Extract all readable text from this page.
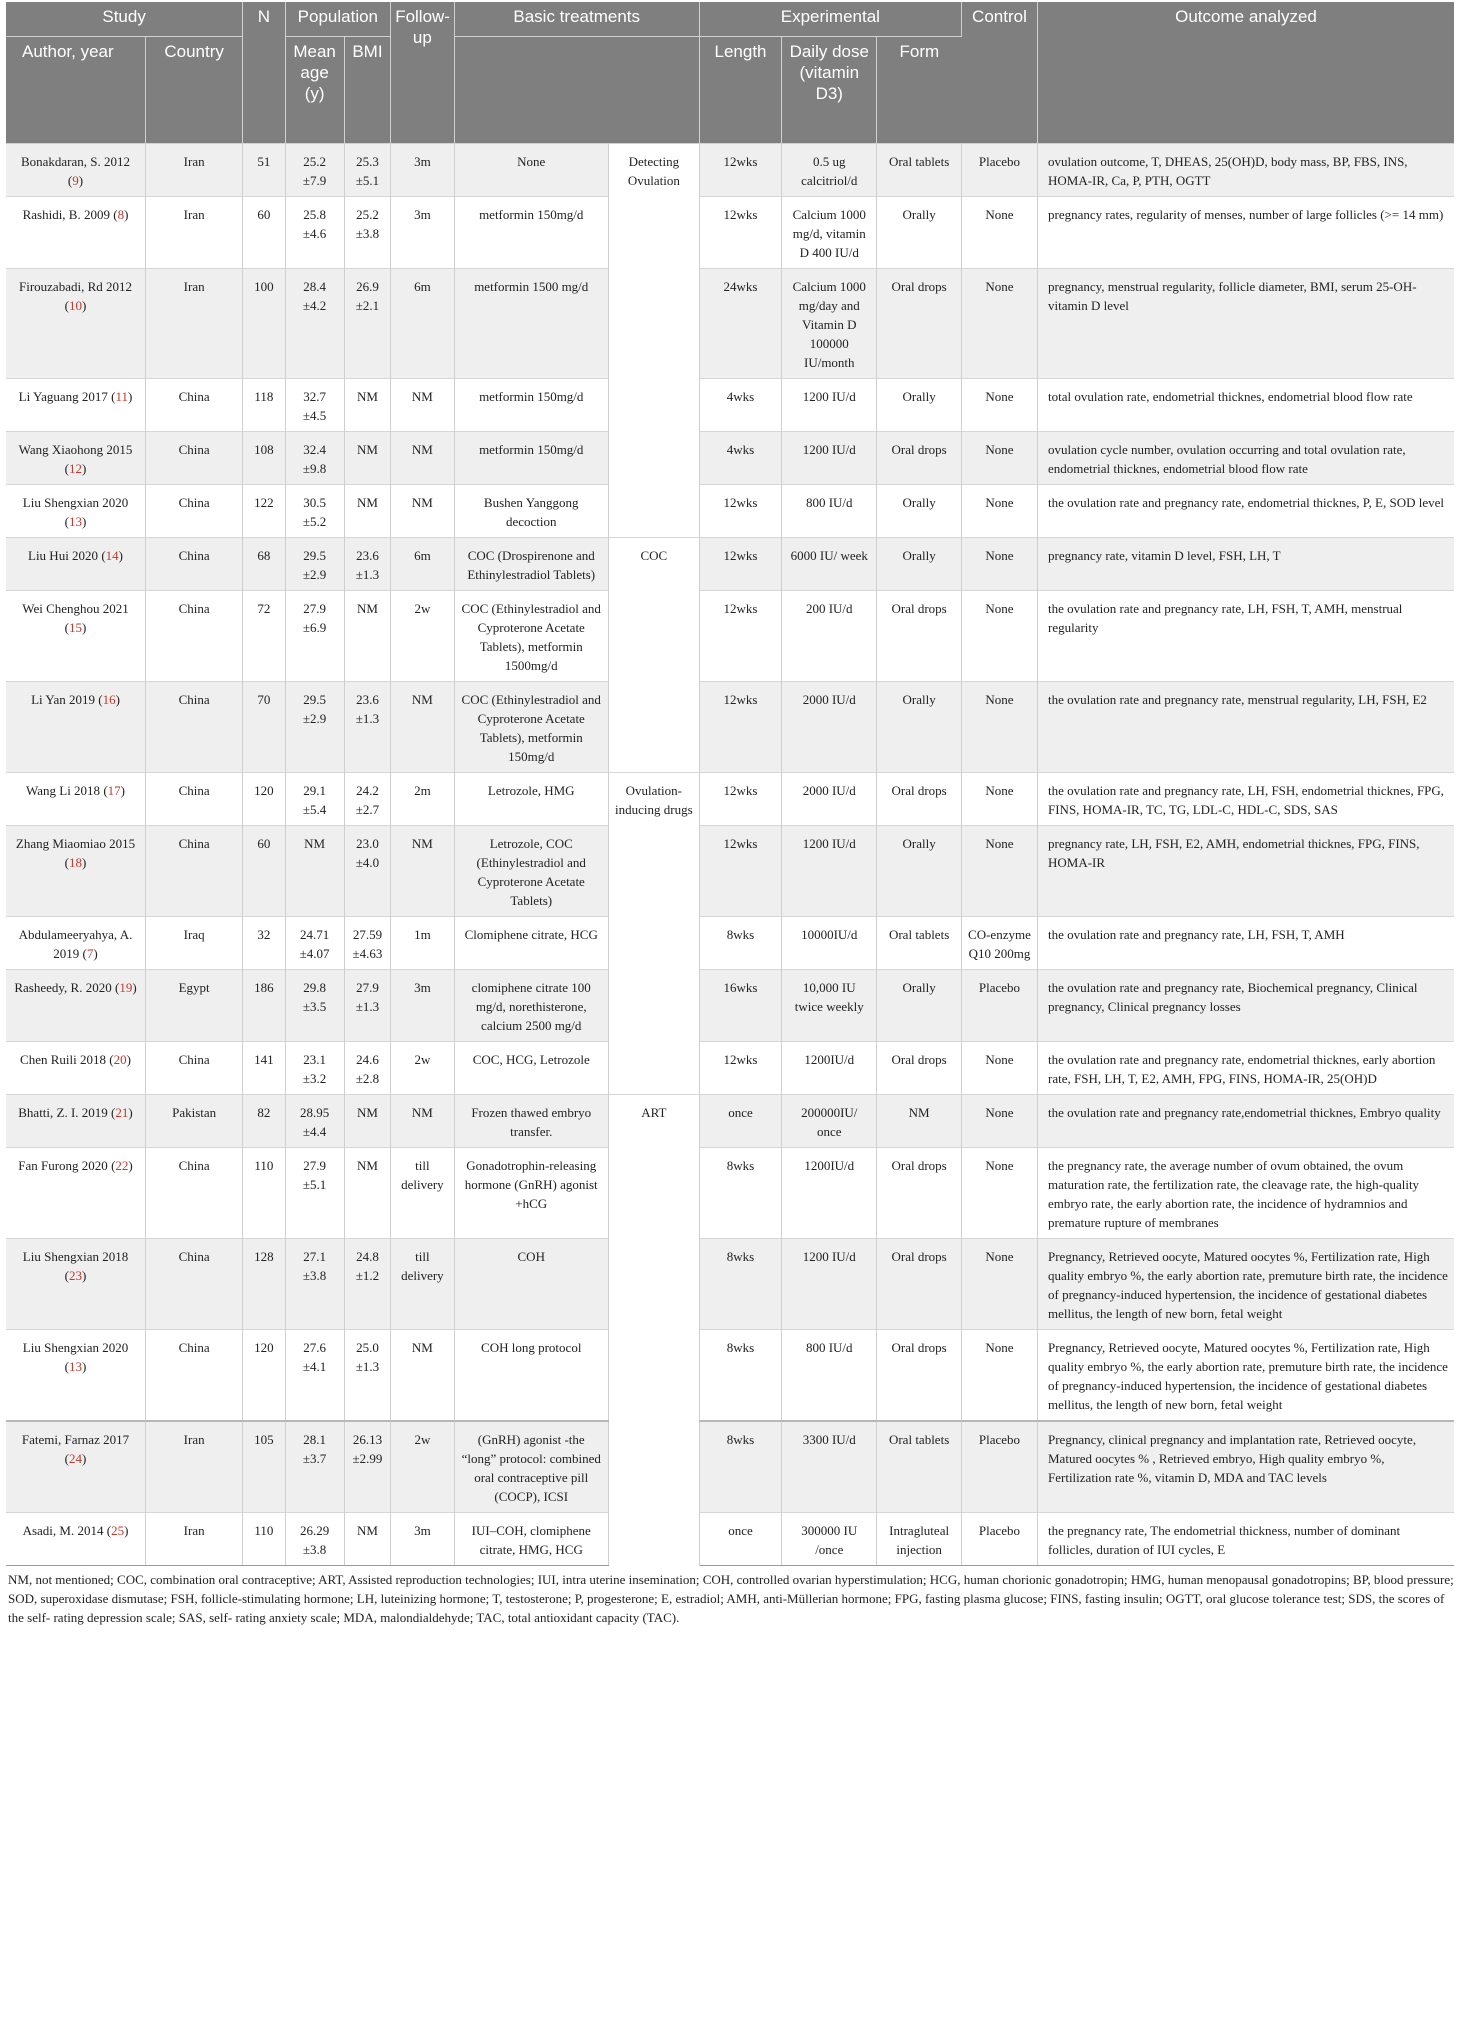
Study		N	Population		Follow-up	Basic treatments		Experimental			Control	Outcome analyzed
Author, year	Country		Mean age (y)	BMI				Length	Daily dose (vitamin D3)	Form		
Bonakdaran, S. 2012 (9)	Iran	51	25.2 ±7.9	25.3 ±5.1	3m	None	Detecting Ovulation	12wks	0.5 ug calcitriol/d	Oral tablets	Placebo	ovulation outcome, T, DHEAS, 25(OH)D, body mass, BP, FBS, INS, HOMA-IR, Ca, P, PTH, OGTT
Rashidi, B. 2009 (8)	Iran	60	25.8 ±4.6	25.2 ±3.8	3m	metformin 150mg/d		12wks	Calcium 1000 mg/d, vitamin D 400 IU/d	Orally	None	pregnancy rates, regularity of menses, number of large follicles (>= 14 mm)
Firouzabadi, Rd 2012 (10)	Iran	100	28.4 ±4.2	26.9 ±2.1	6m	metformin 1500 mg/d		24wks	Calcium 1000 mg/day and Vitamin D 100000 IU/month	Oral drops	None	pregnancy, menstrual regularity, follicle diameter, BMI, serum 25-OH-vitamin D level
Li Yaguang 2017 (11)	China	118	32.7 ±4.5	NM	NM	metformin 150mg/d		4wks	1200 IU/d	Orally	None	total ovulation rate, endometrial thicknes, endometrial blood flow rate
Wang Xiaohong 2015 (12)	China	108	32.4 ±9.8	NM	NM	metformin 150mg/d		4wks	1200 IU/d	Oral drops	None	ovulation cycle number, ovulation occurring and total ovulation rate, endometrial thicknes, endometrial blood flow rate
Liu Shengxian 2020 (13)	China	122	30.5 ±5.2	NM	NM	Bushen Yanggong decoction		12wks	800 IU/d	Orally	None	the ovulation rate and pregnancy rate, endometrial thicknes, P, E, SOD level
Liu Hui 2020 (14)	China	68	29.5 ±2.9	23.6 ±1.3	6m	COC (Drospirenone and Ethinylestradiol Tablets)	COC	12wks	6000 IU/ week	Orally	None	pregnancy rate, vitamin D level, FSH, LH, T
Wei Chenghou 2021 (15)	China	72	27.9 ±6.9	NM	2w	COC (Ethinylestradiol and Cyproterone Acetate Tablets), metformin 1500mg/d		12wks	200 IU/d	Oral drops	None	the ovulation rate and pregnancy rate, LH, FSH, T, AMH, menstrual regularity
Li Yan 2019 (16)	China	70	29.5 ±2.9	23.6 ±1.3	NM	COC (Ethinylestradiol and Cyproterone Acetate Tablets), metformin 150mg/d		12wks	2000 IU/d	Orally	None	the ovulation rate and pregnancy rate, menstrual regularity, LH, FSH, E2
Wang Li 2018 (17)	China	120	29.1 ±5.4	24.2 ±2.7	2m	Letrozole, HMG	Ovulation-inducing drugs	12wks	2000 IU/d	Oral drops	None	the ovulation rate and pregnancy rate, LH, FSH, endometrial thicknes, FPG, FINS, HOMA-IR, TC, TG, LDL-C, HDL-C, SDS, SAS
Zhang Miaomiao 2015 (18)	China	60	NM	23.0 ±4.0	NM	Letrozole, COC (Ethinylestradiol and Cyproterone Acetate Tablets)		12wks	1200 IU/d	Orally	None	pregnancy rate, LH, FSH, E2, AMH, endometrial thicknes, FPG, FINS, HOMA-IR
Abdulameeryahya, A. 2019 (7)	Iraq	32	24.71 ±4.07	27.59 ±4.63	1m	Clomiphene citrate, HCG		8wks	10000IU/d	Oral tablets	CO-enzyme Q10 200mg	the ovulation rate and pregnancy rate, LH, FSH, T, AMH
Rasheedy, R. 2020 (19)	Egypt	186	29.8 ±3.5	27.9 ±1.3	3m	clomiphene citrate 100 mg/d, norethisterone, calcium 2500 mg/d		16wks	10,000 IU twice weekly	Orally	Placebo	the ovulation rate and pregnancy rate, Biochemical pregnancy, Clinical pregnancy, Clinical pregnancy losses
Chen Ruili 2018 (20)	China	141	23.1 ±3.2	24.6 ±2.8	2w	COC, HCG, Letrozole		12wks	1200IU/d	Oral drops	None	the ovulation rate and pregnancy rate, endometrial thicknes, early abortion rate, FSH, LH, T, E2, AMH, FPG, FINS, HOMA-IR, 25(OH)D
Bhatti, Z. I. 2019 (21)	Pakistan	82	28.95 ±4.4	NM	NM	Frozen thawed embryo transfer.	ART	once	200000IU/ once	NM	None	the ovulation rate and pregnancy rate,endometrial thicknes, Embryo quality
Fan Furong 2020 (22)	China	110	27.9 ±5.1	NM	till delivery	Gonadotrophin-releasing hormone (GnRH) agonist +hCG		8wks	1200IU/d	Oral drops	None	the pregnancy rate, the average number of ovum obtained, the ovum maturation rate, the fertilization rate, the cleavage rate, the high-quality embryo rate, the early abortion rate, the incidence of hydramnios and premature rupture of membranes
Liu Shengxian 2018 (23)	China	128	27.1 ±3.8	24.8 ±1.2	till delivery	COH		8wks	1200 IU/d	Oral drops	None	Pregnancy, Retrieved oocyte, Matured oocytes %, Fertilization rate, High quality embryo %, the early abortion rate, premuture birth rate, the incidence of pregnancy-induced hypertension, the incidence of gestational diabetes mellitus, the length of new born, fetal weight
Liu Shengxian 2020 (13)	China	120	27.6 ±4.1	25.0 ±1.3	NM	COH long protocol		8wks	800 IU/d	Oral drops	None	Pregnancy, Retrieved oocyte, Matured oocytes %, Fertilization rate, High quality embryo %, the early abortion rate, premuture birth rate, the incidence of pregnancy-induced hypertension, the incidence of gestational diabetes mellitus, the length of new born, fetal weight
Fatemi, Farnaz 2017 (24)	Iran	105	28.1 ±3.7	26.13 ±2.99	2w	(GnRH) agonist -the “long” protocol: combined oral contraceptive pill (COCP), ICSI		8wks	3300 IU/d	Oral tablets	Placebo	Pregnancy, clinical pregnancy and implantation rate, Retrieved oocyte, Matured oocytes % , Retrieved embryo, High quality embryo %, Fertilization rate %, vitamin D, MDA and TAC levels
Asadi, M. 2014 (25)	Iran	110	26.29 ±3.8	NM	3m	IUI–COH, clomiphene citrate, HMG, HCG		once	300000 IU /once	Intragluteal injection	Placebo	the pregnancy rate, The endometrial thickness, number of dominant follicles, duration of IUI cycles, E
NM, not mentioned; COC, combination oral contraceptive; ART, Assisted reproduction technologies; IUI, intra uterine insemination; COH, controlled ovarian hyperstimulation; HCG, human chorionic gonadotropin; HMG, human menopausal gonadotropins; BP, blood pressure; SOD, superoxidase dismutase; FSH, follicle-stimulating hormone; LH, luteinizing hormone; T, testosterone; P, progesterone; E, estradiol; AMH, anti-Müllerian hormone; FPG, fasting plasma glucose; FINS, fasting insulin; OGTT, oral glucose tolerance test; SDS, the scores of the self- rating depression scale; SAS, self- rating anxiety scale; MDA, malondialdehyde; TAC, total antioxidant capacity (TAC).
